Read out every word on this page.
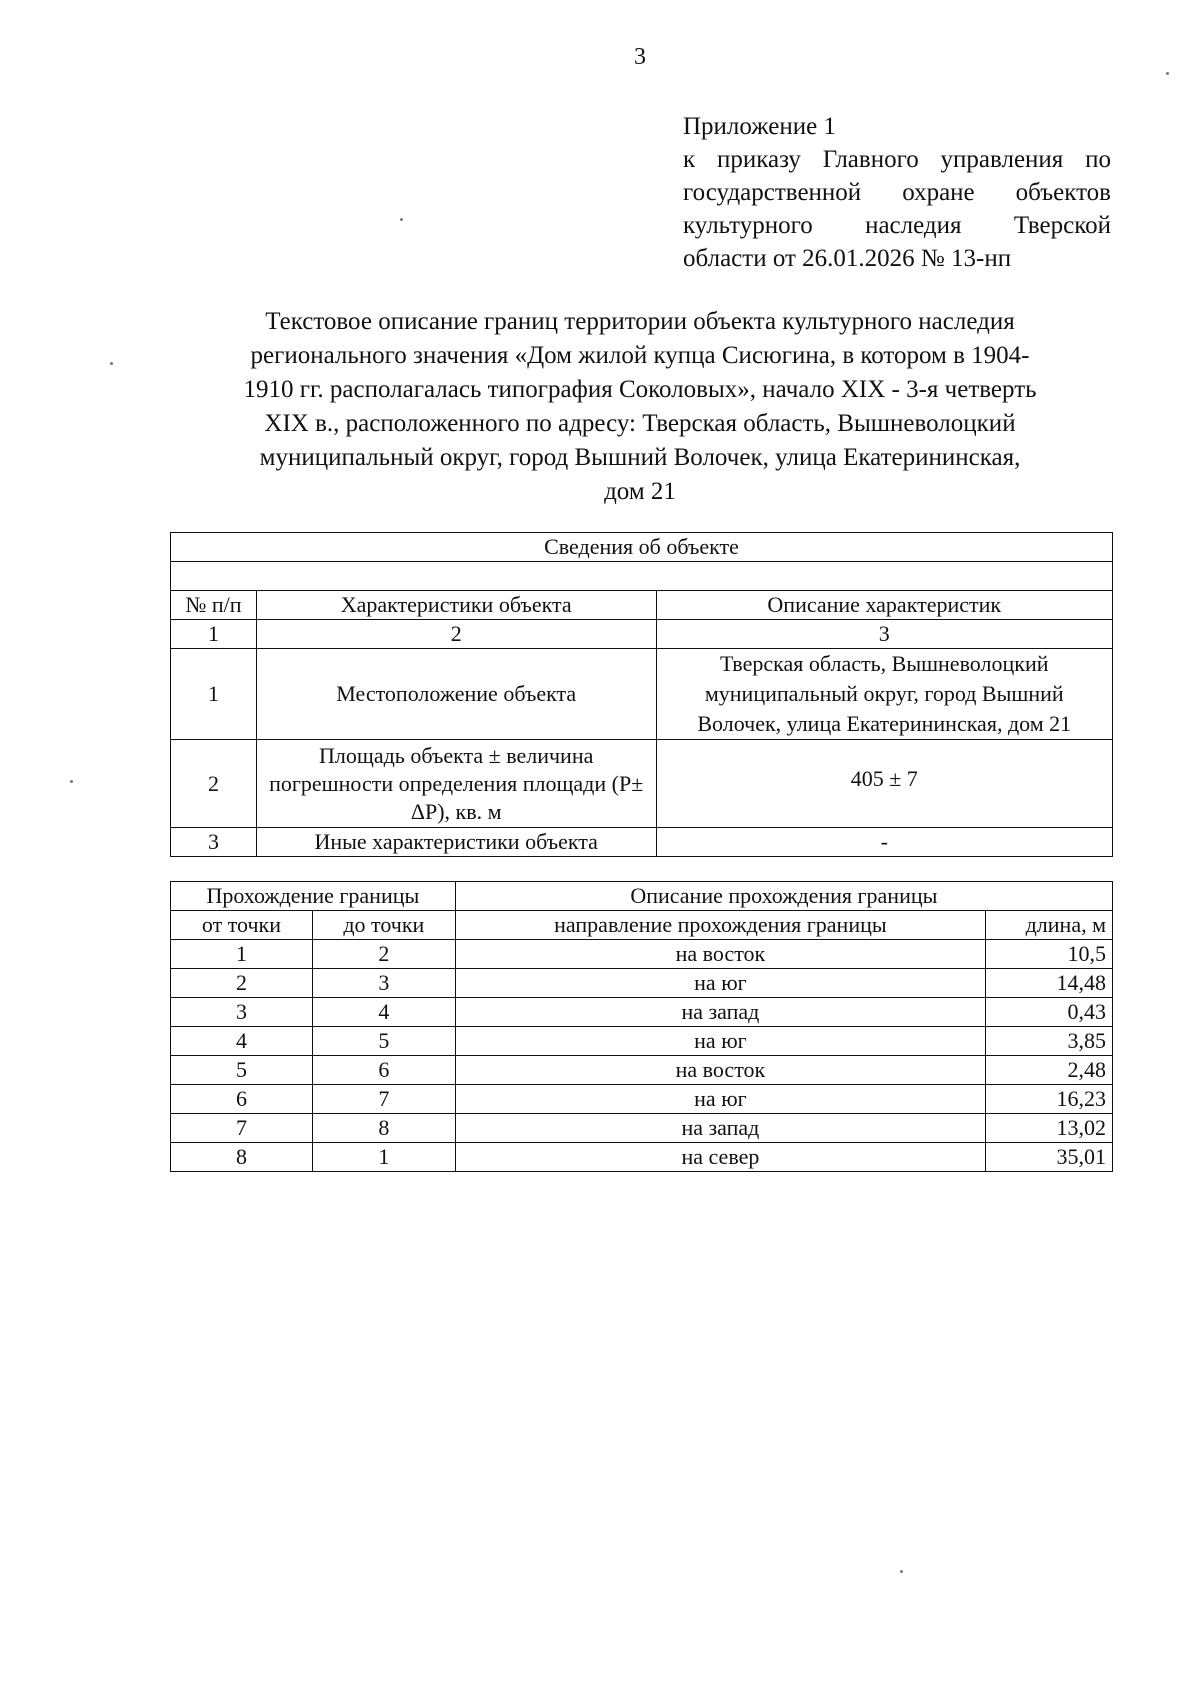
3
Приложение 1
к приказу Главного управления по
государственной охране объектов
культурного наследия Тверской
области от 26.01.2026 № 13-нп
Текстовое описание границ территории объекта культурного наследия
регионального значения «Дом жилой купца Сисюгина, в котором в 1904-
1910 гг. располагалась типография Соколовых», начало XIX - 3-я четверть
XIX в., расположенного по адресу: Тверская область, Вышневолоцкий
муниципальный округ, город Вышний Волочек, улица Екатерининская,
дом 21
Сведения об объекте		

№ п/п	Характеристики объекта	Описание характеристик
1	2	3
1	Местоположение объекта	Тверская область, Вышневолоцкий муниципальный округ, город Вышний Волочек, улица Екатерининская, дом 21
2	Площадь объекта ± величина погрешности определения площади (P± ΔP), кв. м	405 ± 7
3	Иные характеристики объекта	-
Прохождение границы		Описание прохождения границы	
от точки	до точки	направление прохождения границы	длина, м
1	2	на восток	10,5
2	3	на юг	14,48
3	4	на запад	0,43
4	5	на юг	3,85
5	6	на восток	2,48
6	7	на юг	16,23
7	8	на запад	13,02
8	1	на север	35,01
